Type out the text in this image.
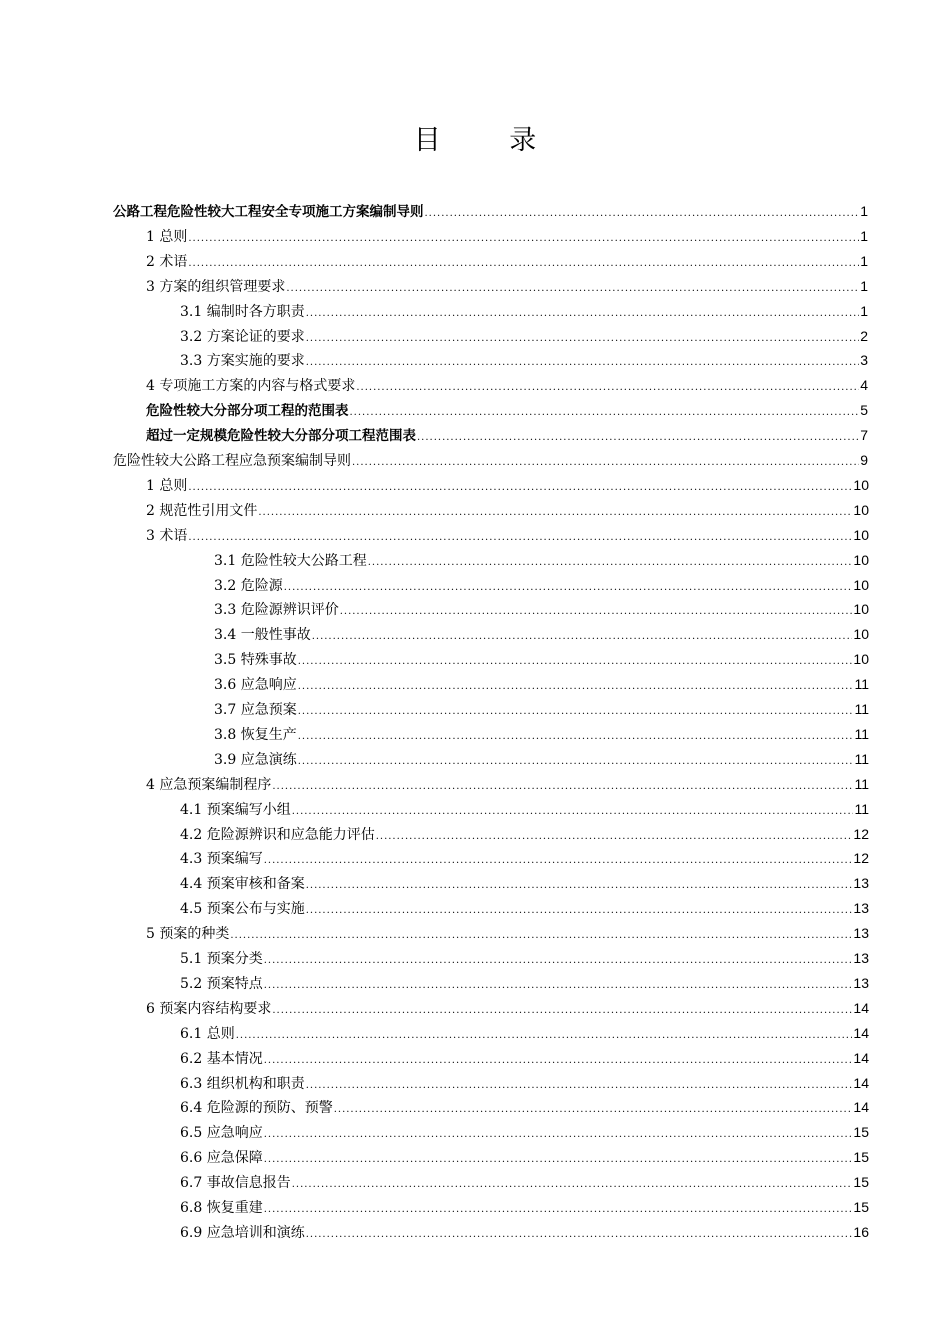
目 录
公路工程危险性较大工程安全专项施工方案编制导则 .....	1
1 总则 .....	1
2 术语 .....	1
3 方案的组织管理要求 .....	1
3.1 编制时各方职责 .....	1
3.2 方案论证的要求 .....	2
3.3 方案实施的要求 .....	3
4 专项施工方案的内容与格式要求 .....	4
危险性较大分部分项工程的范围表 .....	5
超过一定规模危险性较大分部分项工程范围表 .....	7
危险性较大公路工程应急预案编制导则 .....	9
1 总则 .....	10
2 规范性引用文件 .....	10
3 术语 .....	10
3.1 危险性较大公路工程 .....	10
3.2 危险源 .....	10
3.3 危险源辨识评价 .....	10
3.4 一般性事故 .....	10
3.5 特殊事故 .....	10
3.6 应急响应 .....	11
3.7 应急预案 .....	11
3.8 恢复生产 .....	11
3.9 应急演练 .....	11
4 应急预案编制程序 .....	11
4.1 预案编写小组 .....	11
4.2 危险源辨识和应急能力评估 .....	12
4.3 预案编写 .....	12
4.4 预案审核和备案 .....	13
4.5 预案公布与实施 .....	13
5 预案的种类 .....	13
5.1 预案分类 .....	13
5.2 预案特点 .....	13
6 预案内容结构要求 .....	14
6.1 总则 .....	14
6.2 基本情况 .....	14
6.3 组织机构和职责 .....	14
6.4 危险源的预防、预警 .....	14
6.5 应急响应 .....	15
6.6 应急保障 .....	15
6.7 事故信息报告 .....	15
6.8 恢复重建 .....	15
6.9 应急培训和演练 .....	16
